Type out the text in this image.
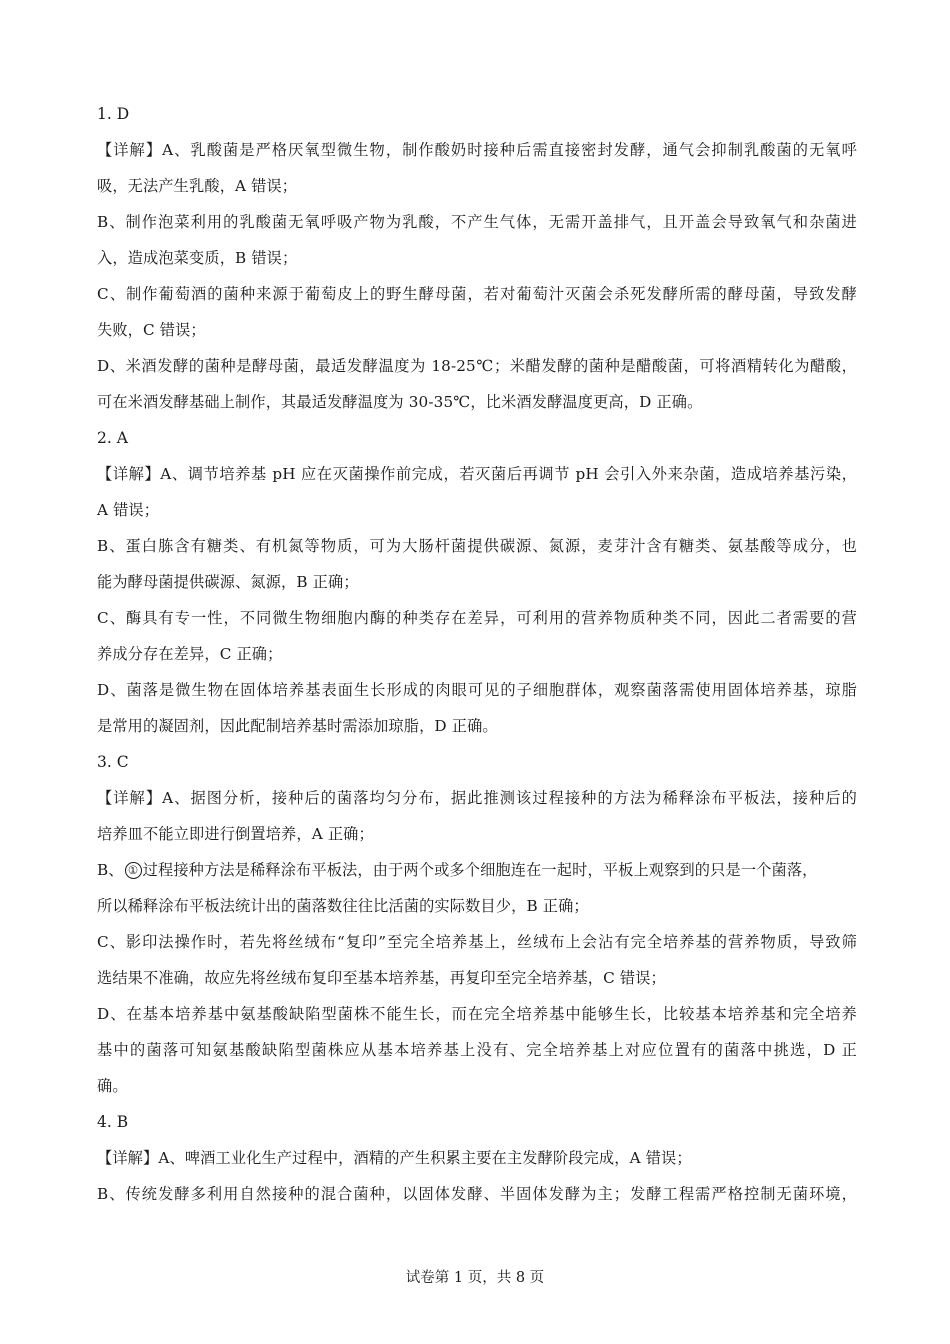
1. D
【详解】A、乳酸菌是严格厌氧型微生物，制作酸奶时接种后需直接密封发酵，通气会抑制乳酸菌的无氧呼
吸，无法产生乳酸，A 错误；
B、制作泡菜利用的乳酸菌无氧呼吸产物为乳酸，不产生气体，无需开盖排气，且开盖会导致氧气和杂菌进
入，造成泡菜变质，B 错误；
C、制作葡萄酒的菌种来源于葡萄皮上的野生酵母菌，若对葡萄汁灭菌会杀死发酵所需的酵母菌，导致发酵
失败，C 错误；
D、米酒发酵的菌种是酵母菌，最适发酵温度为 18-25℃；米醋发酵的菌种是醋酸菌，可将酒精转化为醋酸，
可在米酒发酵基础上制作，其最适发酵温度为 30-35℃，比米酒发酵温度更高，D 正确。
2. A
【详解】A、调节培养基 pH 应在灭菌操作前完成，若灭菌后再调节 pH 会引入外来杂菌，造成培养基污染，
A 错误；
B、蛋白胨含有糖类、有机氮等物质，可为大肠杆菌提供碳源、氮源，麦芽汁含有糖类、氨基酸等成分，也
能为酵母菌提供碳源、氮源，B 正确；
C、酶具有专一性，不同微生物细胞内酶的种类存在差异，可利用的营养物质种类不同，因此二者需要的营
养成分存在差异，C 正确；
D、菌落是微生物在固体培养基表面生长形成的肉眼可见的子细胞群体，观察菌落需使用固体培养基，琼脂
是常用的凝固剂，因此配制培养基时需添加琼脂，D 正确。
3. C
【详解】A、据图分析，接种后的菌落均匀分布，据此推测该过程接种的方法为稀释涂布平板法，接种后的
培养皿不能立即进行倒置培养，A 正确；
B、 ① 过程接种方法是稀释涂布平板法，由于两个或多个细胞连在一起时，平板上观察到的只是一个菌落，
所以稀释涂布平板法统计出的菌落数往往比活菌的实际数目少，B 正确；
C、影印法操作时，若先将丝绒布“复印”至完全培养基上，丝绒布上会沾有完全培养基的营养物质，导致筛
选结果不准确，故应先将丝绒布复印至基本培养基，再复印至完全培养基，C 错误；
D、在基本培养基中氨基酸缺陷型菌株不能生长，而在完全培养基中能够生长，比较基本培养基和完全培养
基中的菌落可知氨基酸缺陷型菌株应从基本培养基上没有、完全培养基上对应位置有的菌落中挑选，D 正
确。
4. B
【详解】A、啤酒工业化生产过程中，酒精的产生积累主要在主发酵阶段完成，A 错误；
B、传统发酵多利用自然接种的混合菌种，以固体发酵、半固体发酵为主；发酵工程需严格控制无菌环境，
试卷第 1 页，共 8 页
